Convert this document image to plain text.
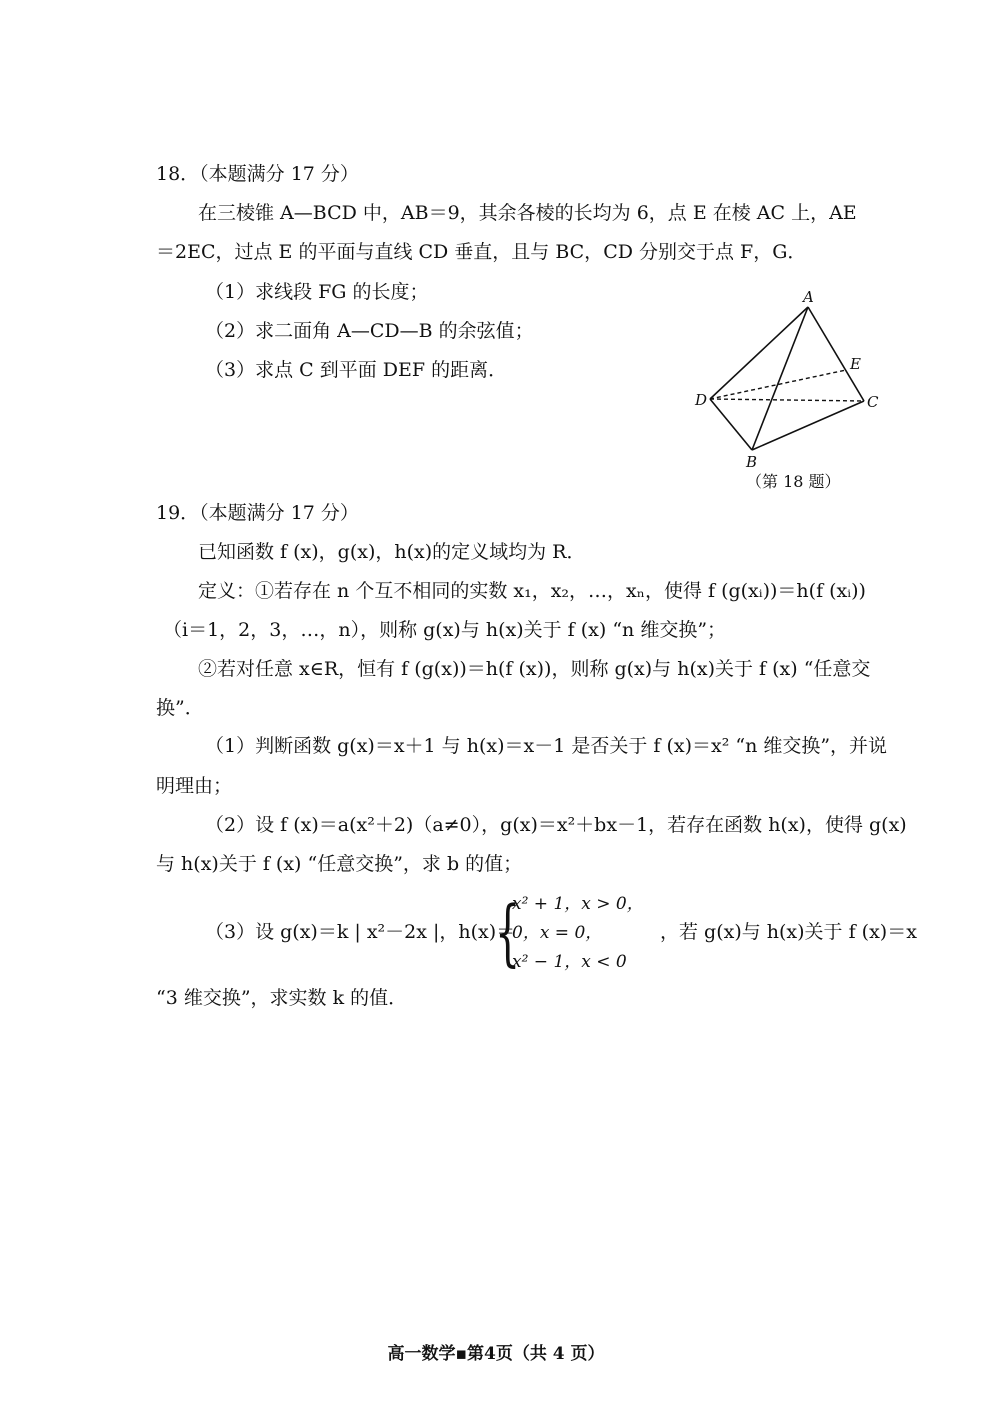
18．（本题满分 17 分）
在三棱锥 A—BCD 中，AB＝9，其余各棱的长均为 6，点 E 在棱 AC 上，AE
＝2EC，过点 E 的平面与直线 CD 垂直，且与 BC，CD 分别交于点 F，G．
（1）求线段 FG 的长度；
（2）求二面角 A—CD—B 的余弦值；
（3）求点 C 到平面 DEF 的距离．
A
E
D	C
B
（第 18 题）
19．（本题满分 17 分）
已知函数 f (x)，g(x)，h(x)的定义域均为 R．
定义：①若存在 n 个互不相同的实数 x₁，x₂，…，xₙ，使得 f (g(xᵢ))＝h(f (xᵢ))
（i＝1，2，3，…，n），则称 g(x)与 h(x)关于 f (x) “n 维交换”；
②若对任意 x∈R，恒有 f (g(x))＝h(f (x))，则称 g(x)与 h(x)关于 f (x) “任意交
换”．
（1）判断函数 g(x)＝x＋1 与 h(x)＝x－1 是否关于 f (x)＝x² “n 维交换”，并说
明理由；
（2）设 f (x)＝a(x²＋2)（a≠0），g(x)＝x²＋bx－1，若存在函数 h(x)，使得 g(x)
与 h(x)关于 f (x) “任意交换”，求 b 的值；
（3）设 g(x)＝k | x²－2x |，h(x)＝
{
x² + 1，x > 0，
0，x = 0，
x² − 1，x < 0
，若 g(x)与 h(x)关于 f (x)＝x
“3 维交换”，求实数 k 的值．
高一数学▪第4页（共 4 页）
